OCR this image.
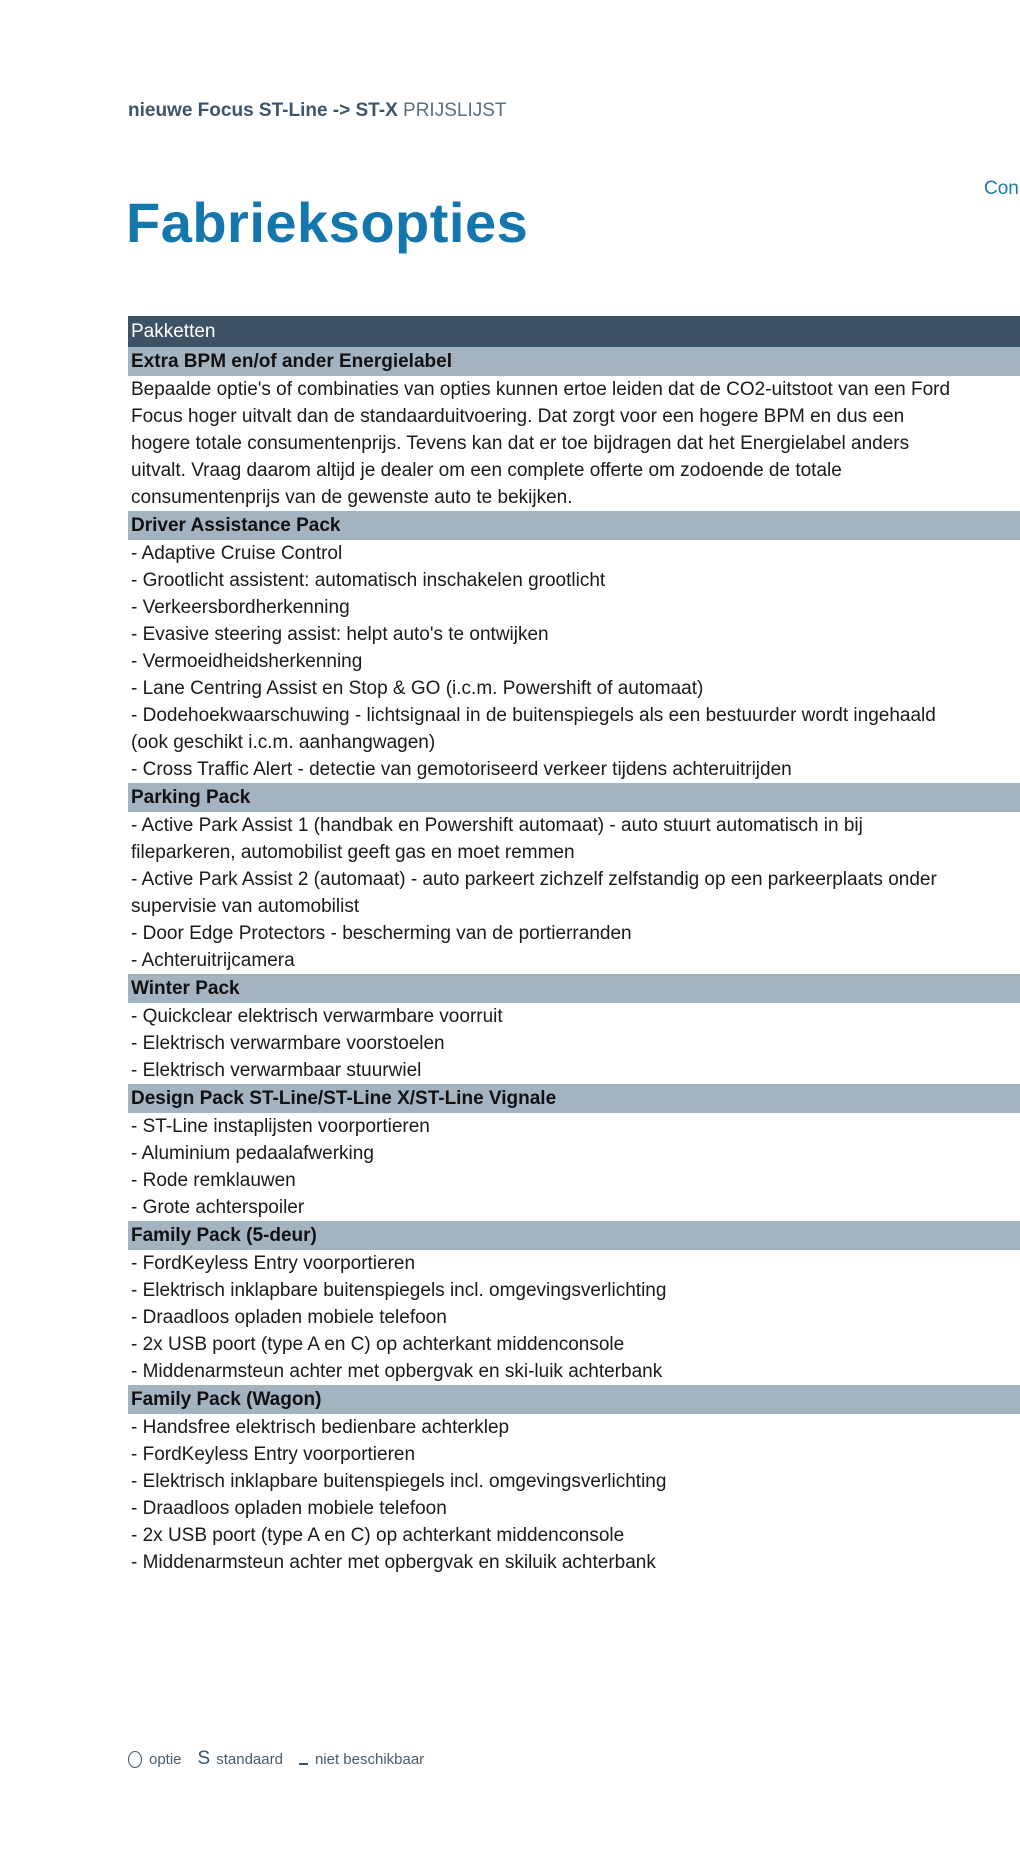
nieuwe Focus ST-Line -> ST-X PRIJSLIJST
Con
Fabrieksopties
Pakketten
Extra BPM en/of ander Energielabel
Bepaalde optie's of combinaties van opties kunnen ertoe leiden dat de CO2-uitstoot van een Ford Focus hoger uitvalt dan de standaarduitvoering. Dat zorgt voor een hogere BPM en dus een hogere totale consumentenprijs. Tevens kan dat er toe bijdragen dat het Energielabel anders uitvalt. Vraag daarom altijd je dealer om een complete offerte om zodoende de totale consumentenprijs van de gewenste auto te bekijken.
Driver Assistance Pack
- Adaptive Cruise Control
- Grootlicht assistent: automatisch inschakelen grootlicht
- Verkeersbordherkenning
- Evasive steering assist: helpt auto's te ontwijken
- Vermoeidheidsherkenning
- Lane Centring Assist en Stop & GO (i.c.m. Powershift of automaat)
- Dodehoekwaarschuwing - lichtsignaal in de buitenspiegels als een bestuurder wordt ingehaald (ook geschikt i.c.m. aanhangwagen)
- Cross Traffic Alert - detectie van gemotoriseerd verkeer tijdens achteruitrijden
Parking Pack
- Active Park Assist 1 (handbak en Powershift automaat) - auto stuurt automatisch in bij fileparkeren, automobilist geeft gas en moet remmen
- Active Park Assist 2 (automaat) - auto parkeert zichzelf zelfstandig op een parkeerplaats onder supervisie van automobilist
- Door Edge Protectors - bescherming van de portierranden
- Achteruitrijcamera
Winter Pack
- Quickclear elektrisch verwarmbare voorruit
- Elektrisch verwarmbare voorstoelen
- Elektrisch verwarmbaar stuurwiel
Design Pack ST-Line/ST-Line X/ST-Line Vignale
- ST-Line instaplijsten voorportieren
- Aluminium pedaalafwerking
- Rode remklauwen
- Grote achterspoiler
Family Pack (5-deur)
- FordKeyless Entry voorportieren
- Elektrisch inklapbare buitenspiegels incl. omgevingsverlichting
- Draadloos opladen mobiele telefoon
- 2x USB poort (type A en C) op achterkant middenconsole
- Middenarmsteun achter met opbergvak en ski-luik achterbank
Family Pack (Wagon)
- Handsfree elektrisch bedienbare achterklep
- FordKeyless Entry voorportieren
- Elektrisch inklapbare buitenspiegels incl. omgevingsverlichting
- Draadloos opladen mobiele telefoon
- 2x USB poort (type A en C) op achterkant middenconsole
- Middenarmsteun achter met opbergvak en skiluik achterbank
optie S standaard niet beschikbaar
